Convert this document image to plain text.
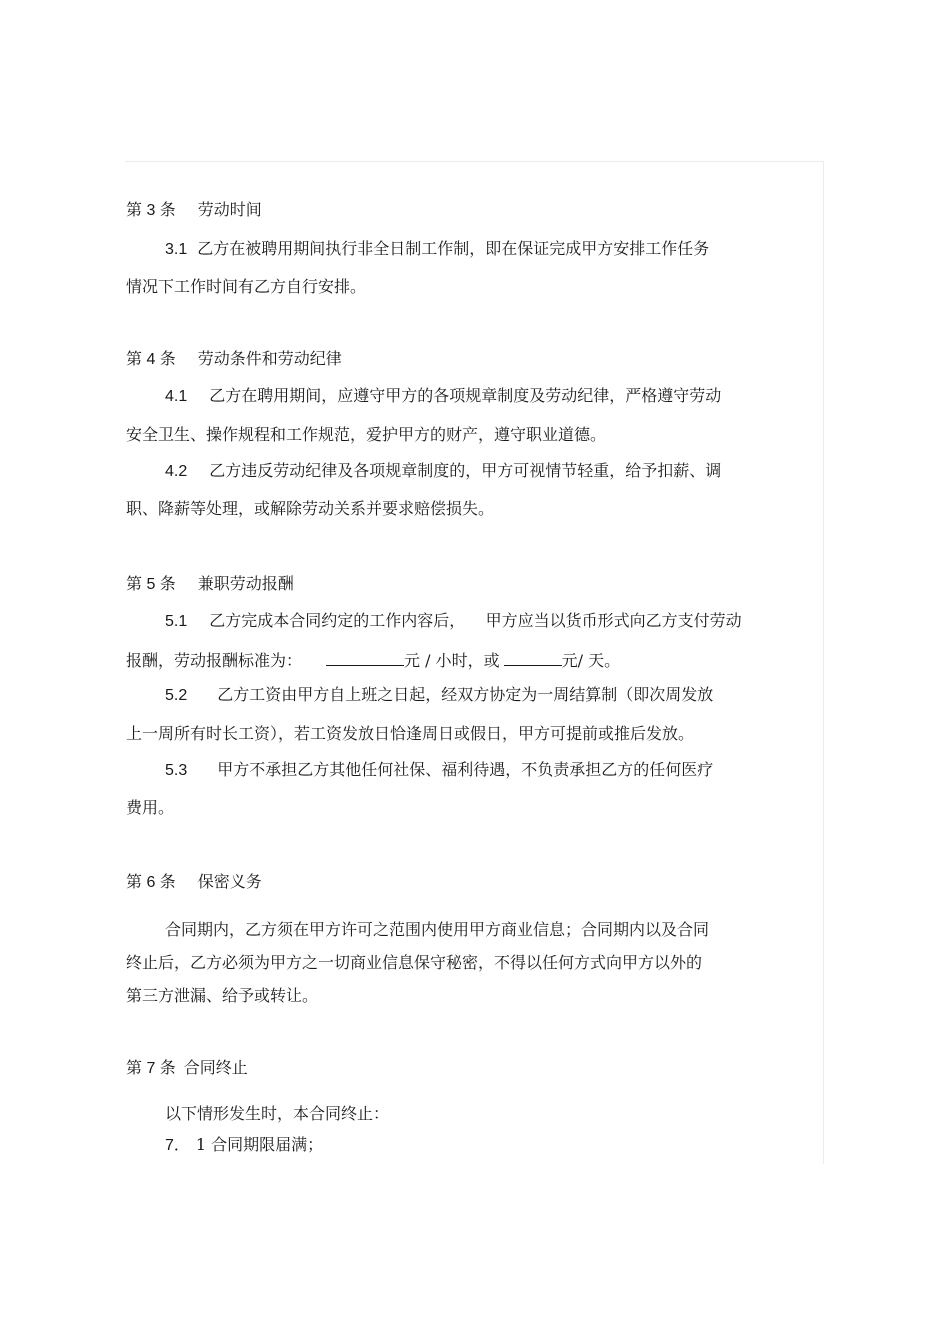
第 3 条 劳动时间
3.1 乙方在被聘用期间执行非全日制工作制，即在保证完成甲方安排工作任务
情况下工作时间有乙方自行安排。
第 4 条 劳动条件和劳动纪律
4.1 乙方在聘用期间，应遵守甲方的各项规章制度及劳动纪律，严格遵守劳动
安全卫生、操作规程和工作规范，爱护甲方的财产，遵守职业道德。
4.2 乙方违反劳动纪律及各项规章制度的，甲方可视情节轻重，给予扣薪、调
职、降薪等处理，或解除劳动关系并要求赔偿损失。
第 5 条 兼职劳动报酬
5.1 乙方完成本合同约定的工作内容后，    甲方应当以货币形式向乙方支付劳动
报酬，劳动报酬标准为：	元 / 小时，或	元/ 天。
5.2 乙方工资由甲方自上班之日起，经双方协定为一周结算制（即次周发放
上一周所有时长工资），若工资发放日恰逢周日或假日，甲方可提前或推后发放。
5.3 甲方不承担乙方其他任何社保、福利待遇，不负责承担乙方的任何医疗
费用。
第 6 条 保密义务
合同期内，乙方须在甲方许可之范围内使用甲方商业信息；合同期内以及合同
终止后，乙方必须为甲方之一切商业信息保守秘密，不得以任何方式向甲方以外的
第三方泄漏、给予或转让。
第 7 条 合同终止
以下情形发生时，本合同终止：
7． 1 合同期限届满；
